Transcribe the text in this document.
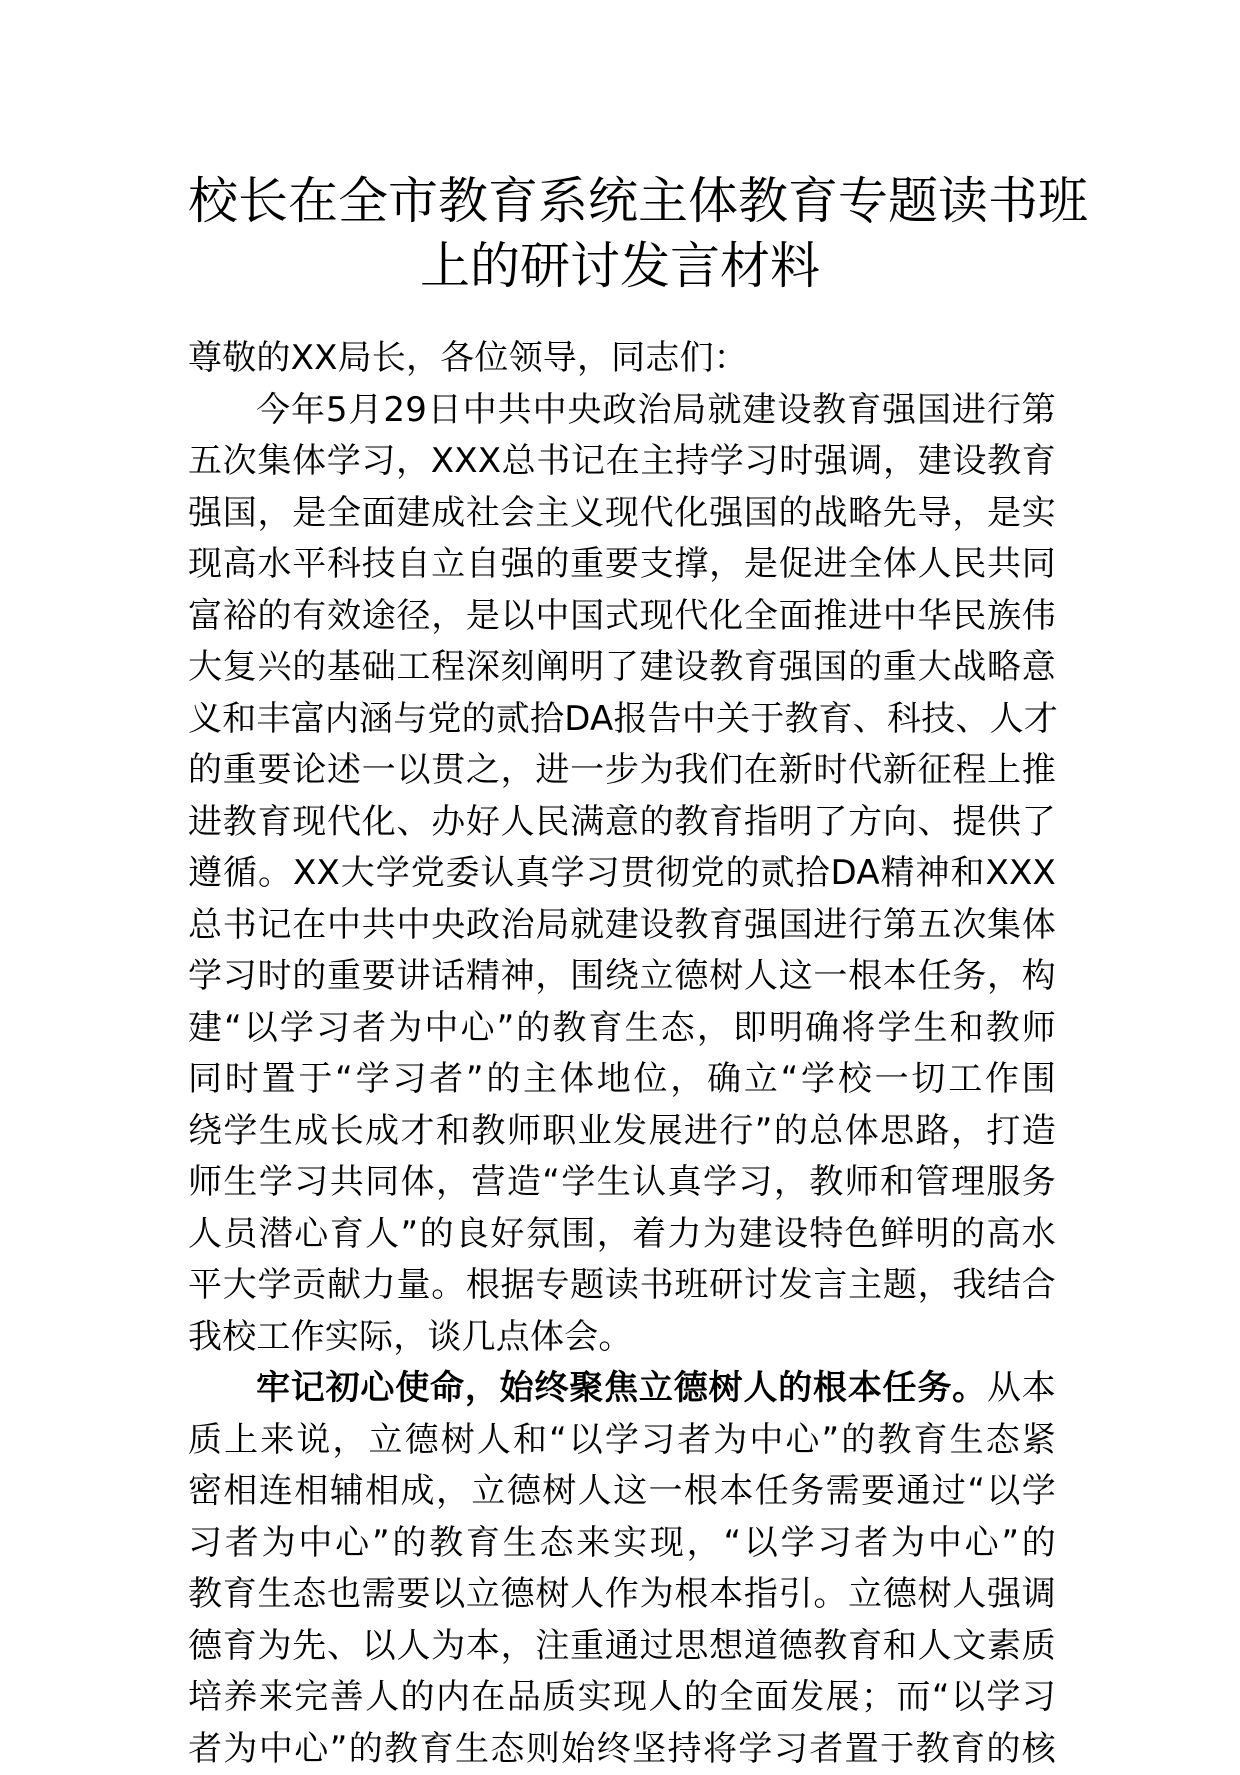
校长在全市教育系统主体教育专题读书班
上的研讨发言材料
尊敬的XX局长，各位领导，同志们：
今年5月29日中共中央政治局就建设教育强国进行第
五次集体学习，XXX总书记在主持学习时强调，建设教育
强国，是全面建成社会主义现代化强国的战略先导，是实
现高水平科技自立自强的重要支撑，是促进全体人民共同
富裕的有效途径，是以中国式现代化全面推进中华民族伟
大复兴的基础工程深刻阐明了建设教育强国的重大战略意
义和丰富内涵与党的贰拾DA报告中关于教育、科技、人才
的重要论述一以贯之，进一步为我们在新时代新征程上推
进教育现代化、办好人民满意的教育指明了方向、提供了
遵循。XX大学党委认真学习贯彻党的贰拾DA精神和XXX
总书记在中共中央政治局就建设教育强国进行第五次集体
学习时的重要讲话精神，围绕立德树人这一根本任务，构
建“以学习者为中心”的教育生态，即明确将学生和教师
同时置于“学习者”的主体地位，确立“学校一切工作围
绕学生成长成才和教师职业发展进行”的总体思路，打造
师生学习共同体，营造“学生认真学习，教师和管理服务
人员潜心育人”的良好氛围，着力为建设特色鲜明的高水
平大学贡献力量。根据专题读书班研讨发言主题，我结合
我校工作实际，谈几点体会。
牢记初心使命，始终聚焦立德树人的根本任务。从本
质上来说，立德树人和“以学习者为中心”的教育生态紧
密相连相辅相成，立德树人这一根本任务需要通过“以学
习者为中心”的教育生态来实现，“以学习者为中心”的
教育生态也需要以立德树人作为根本指引。立德树人强调
德育为先、以人为本，注重通过思想道德教育和人文素质
培养来完善人的内在品质实现人的全面发展；而“以学习
者为中心”的教育生态则始终坚持将学习者置于教育的核
